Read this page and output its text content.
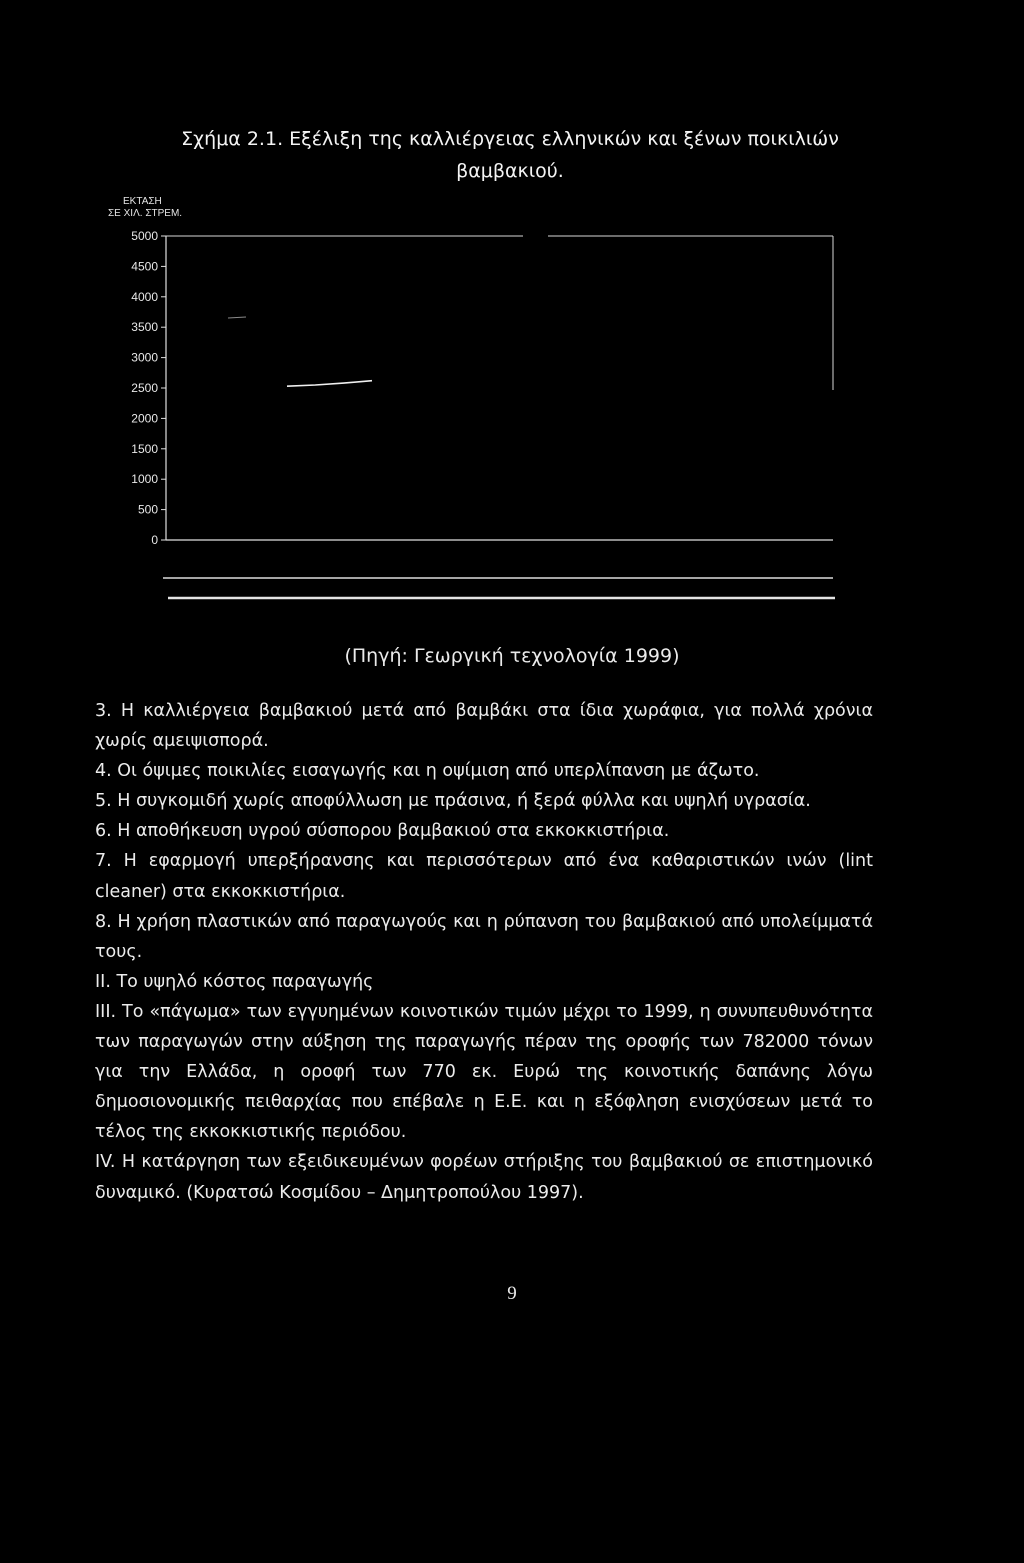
Σχήμα 2.1. Εξέλιξη της καλλιέργειας ελληνικών και ξένων ποικιλιών
βαμβακιού.
ΕΚΤΑΣΗ
ΣΕ ΧΙΛ. ΣΤΡΕΜ.
0
500
1000
1500
2000
2500
3000
3500
4000
4500
5000
(Πηγή: Γεωργική τεχνολογία 1999)

3. Η καλλιέργεια βαμβακιού μετά από βαμβάκι στα ίδια χωράφια, για πολλά χρόνια χωρίς αμειψισπορά.

4. Οι όψιμες ποικιλίες εισαγωγής και η οψίμιση από υπερλίπανση με άζωτο.

5. Η συγκομιδή χωρίς αποφύλλωση με πράσινα, ή ξερά φύλλα και υψηλή υγρασία.

6. Η αποθήκευση υγρού σύσπορου βαμβακιού στα εκκοκκιστήρια.

7. Η εφαρμογή υπερξήρανσης και περισσότερων από ένα καθαριστικών ινών (lint cleaner) στα εκκοκκιστήρια.

8. Η χρήση πλαστικών από παραγωγούς και η ρύπανση του βαμβακιού από υπολείμματά τους.

ΙΙ. Το υψηλό κόστος παραγωγής

ΙΙΙ. Το «πάγωμα» των εγγυημένων κοινοτικών τιμών μέχρι το 1999, η συνυπευθυνότητα των παραγωγών στην αύξηση της παραγωγής πέραν της οροφής των 782000 τόνων για την Ελλάδα, η οροφή των 770 εκ. Ευρώ της κοινοτικής δαπάνης λόγω δημοσιονομικής πειθαρχίας που επέβαλε η Ε.Ε. και η εξόφληση ενισχύσεων μετά το τέλος της εκκοκκιστικής περιόδου.

IV. Η κατάργηση των εξειδικευμένων φορέων στήριξης του βαμβακιού σε επιστημονικό δυναμικό. (Κυρατσώ Κοσμίδου – Δημητροπούλου 1997).

9
